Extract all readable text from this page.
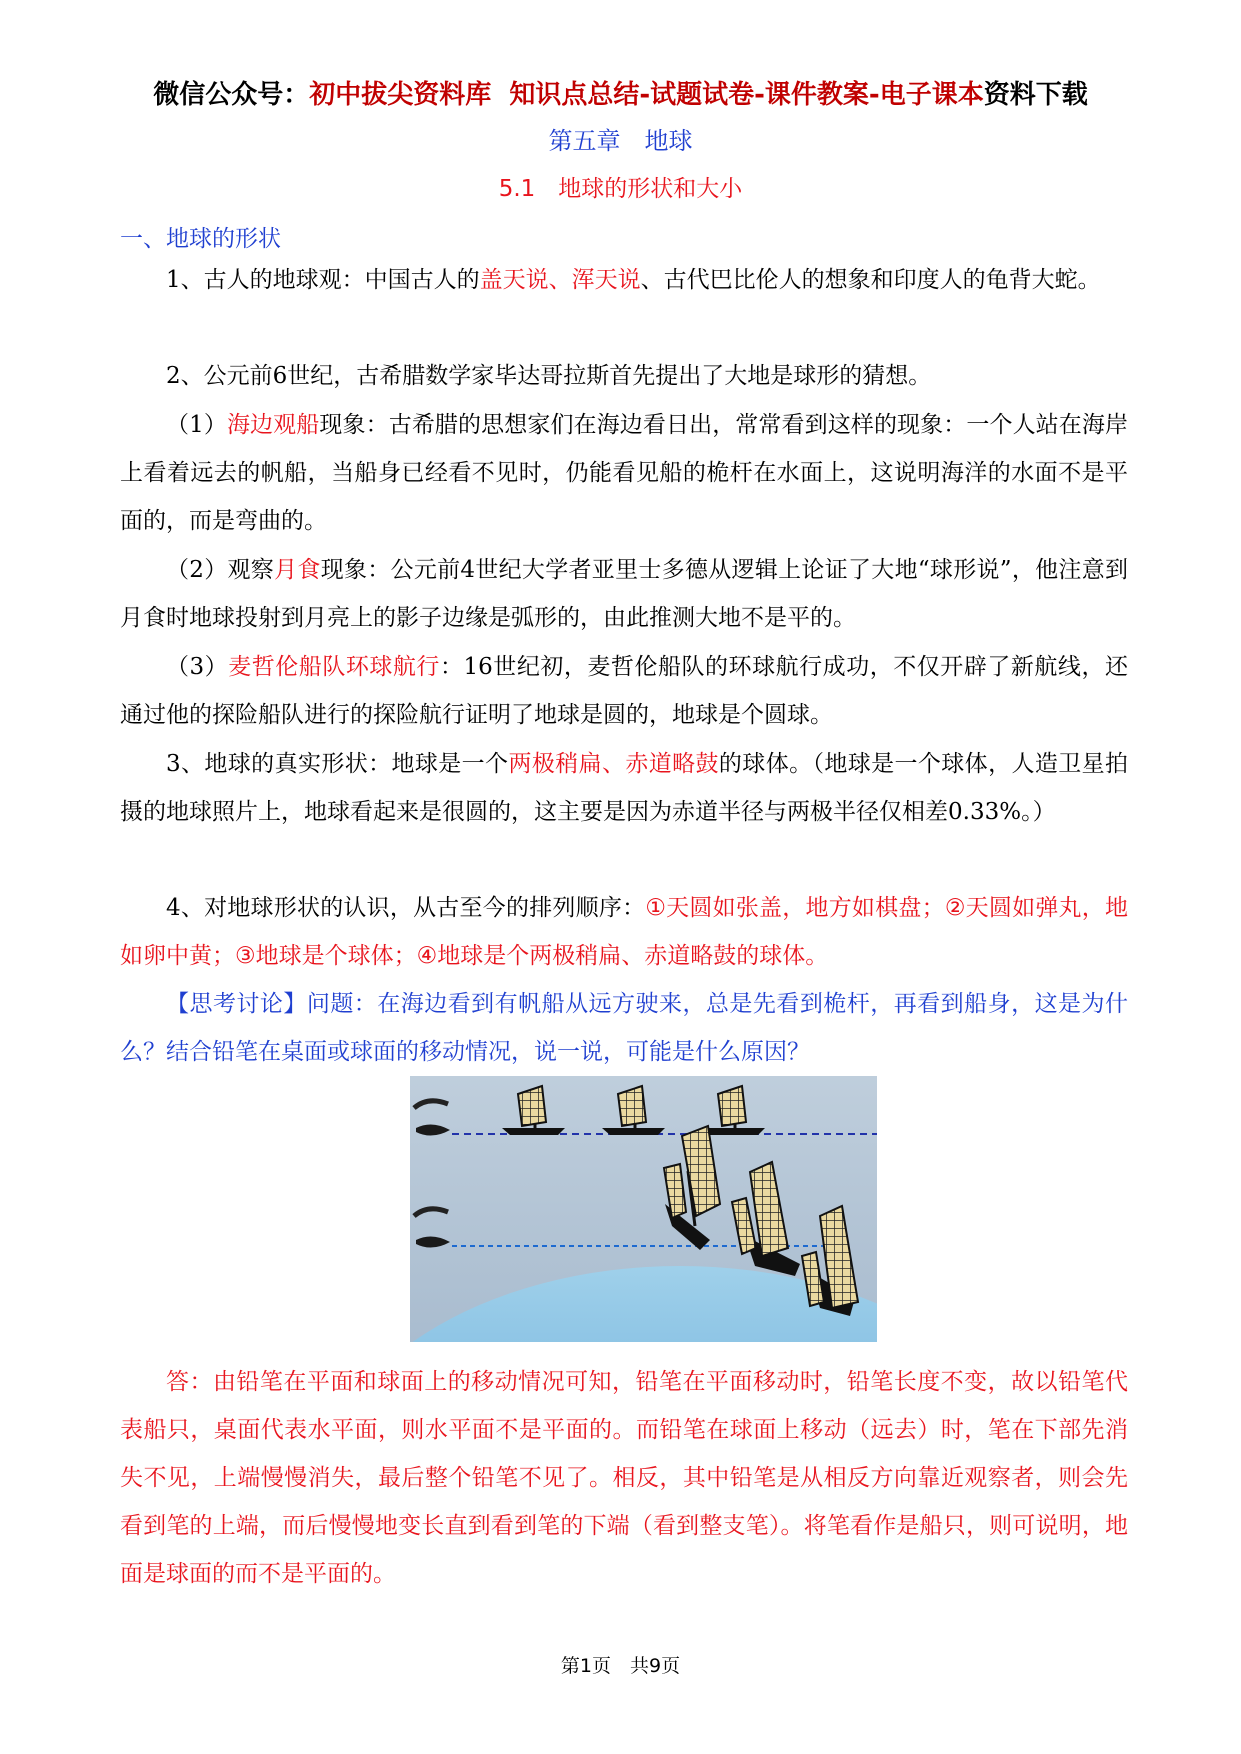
微信公众号：初中拔尖资料库  知识点总结-试题试卷-课件教案-电子课本资料下载
第五章　地球
5.1　地球的形状和大小
一、地球的形状
1、古人的地球观：中国古人的盖天说、浑天说、古代巴比伦人的想象和印度人的龟背大蛇。
2、公元前6世纪，古希腊数学家毕达哥拉斯首先提出了大地是球形的猜想。
（1）海边观船现象：古希腊的思想家们在海边看日出，常常看到这样的现象：一个人站在海岸上看着远去的帆船，当船身已经看不见时，仍能看见船的桅杆在水面上，这说明海洋的水面不是平面的，而是弯曲的。
（2）观察月食现象：公元前4世纪大学者亚里士多德从逻辑上论证了大地“球形说”，他注意到月食时地球投射到月亮上的影子边缘是弧形的，由此推测大地不是平的。
（3）麦哲伦船队环球航行：16世纪初，麦哲伦船队的环球航行成功，不仅开辟了新航线，还通过他的探险船队进行的探险航行证明了地球是圆的，地球是个圆球。
3、地球的真实形状：地球是一个两极稍扁、赤道略鼓的球体。（地球是一个球体，人造卫星拍摄的地球照片上，地球看起来是很圆的，这主要是因为赤道半径与两极半径仅相差0.33%。）
4、对地球形状的认识，从古至今的排列顺序：①天圆如张盖，地方如棋盘；②天圆如弹丸，地如卵中黄；③地球是个球体；④地球是个两极稍扁、赤道略鼓的球体。
【思考讨论】问题：在海边看到有帆船从远方驶来，总是先看到桅杆，再看到船身，这是为什么？结合铅笔在桌面或球面的移动情况，说一说，可能是什么原因？
答：由铅笔在平面和球面上的移动情况可知，铅笔在平面移动时，铅笔长度不变，故以铅笔代表船只，桌面代表水平面，则水平面不是平面的。而铅笔在球面上移动（远去）时，笔在下部先消失不见，上端慢慢消失，最后整个铅笔不见了。相反，其中铅笔是从相反方向靠近观察者，则会先看到笔的上端，而后慢慢地变长直到看到笔的下端（看到整支笔）。将笔看作是船只，则可说明，地面是球面的而不是平面的。
第1页　共9页
